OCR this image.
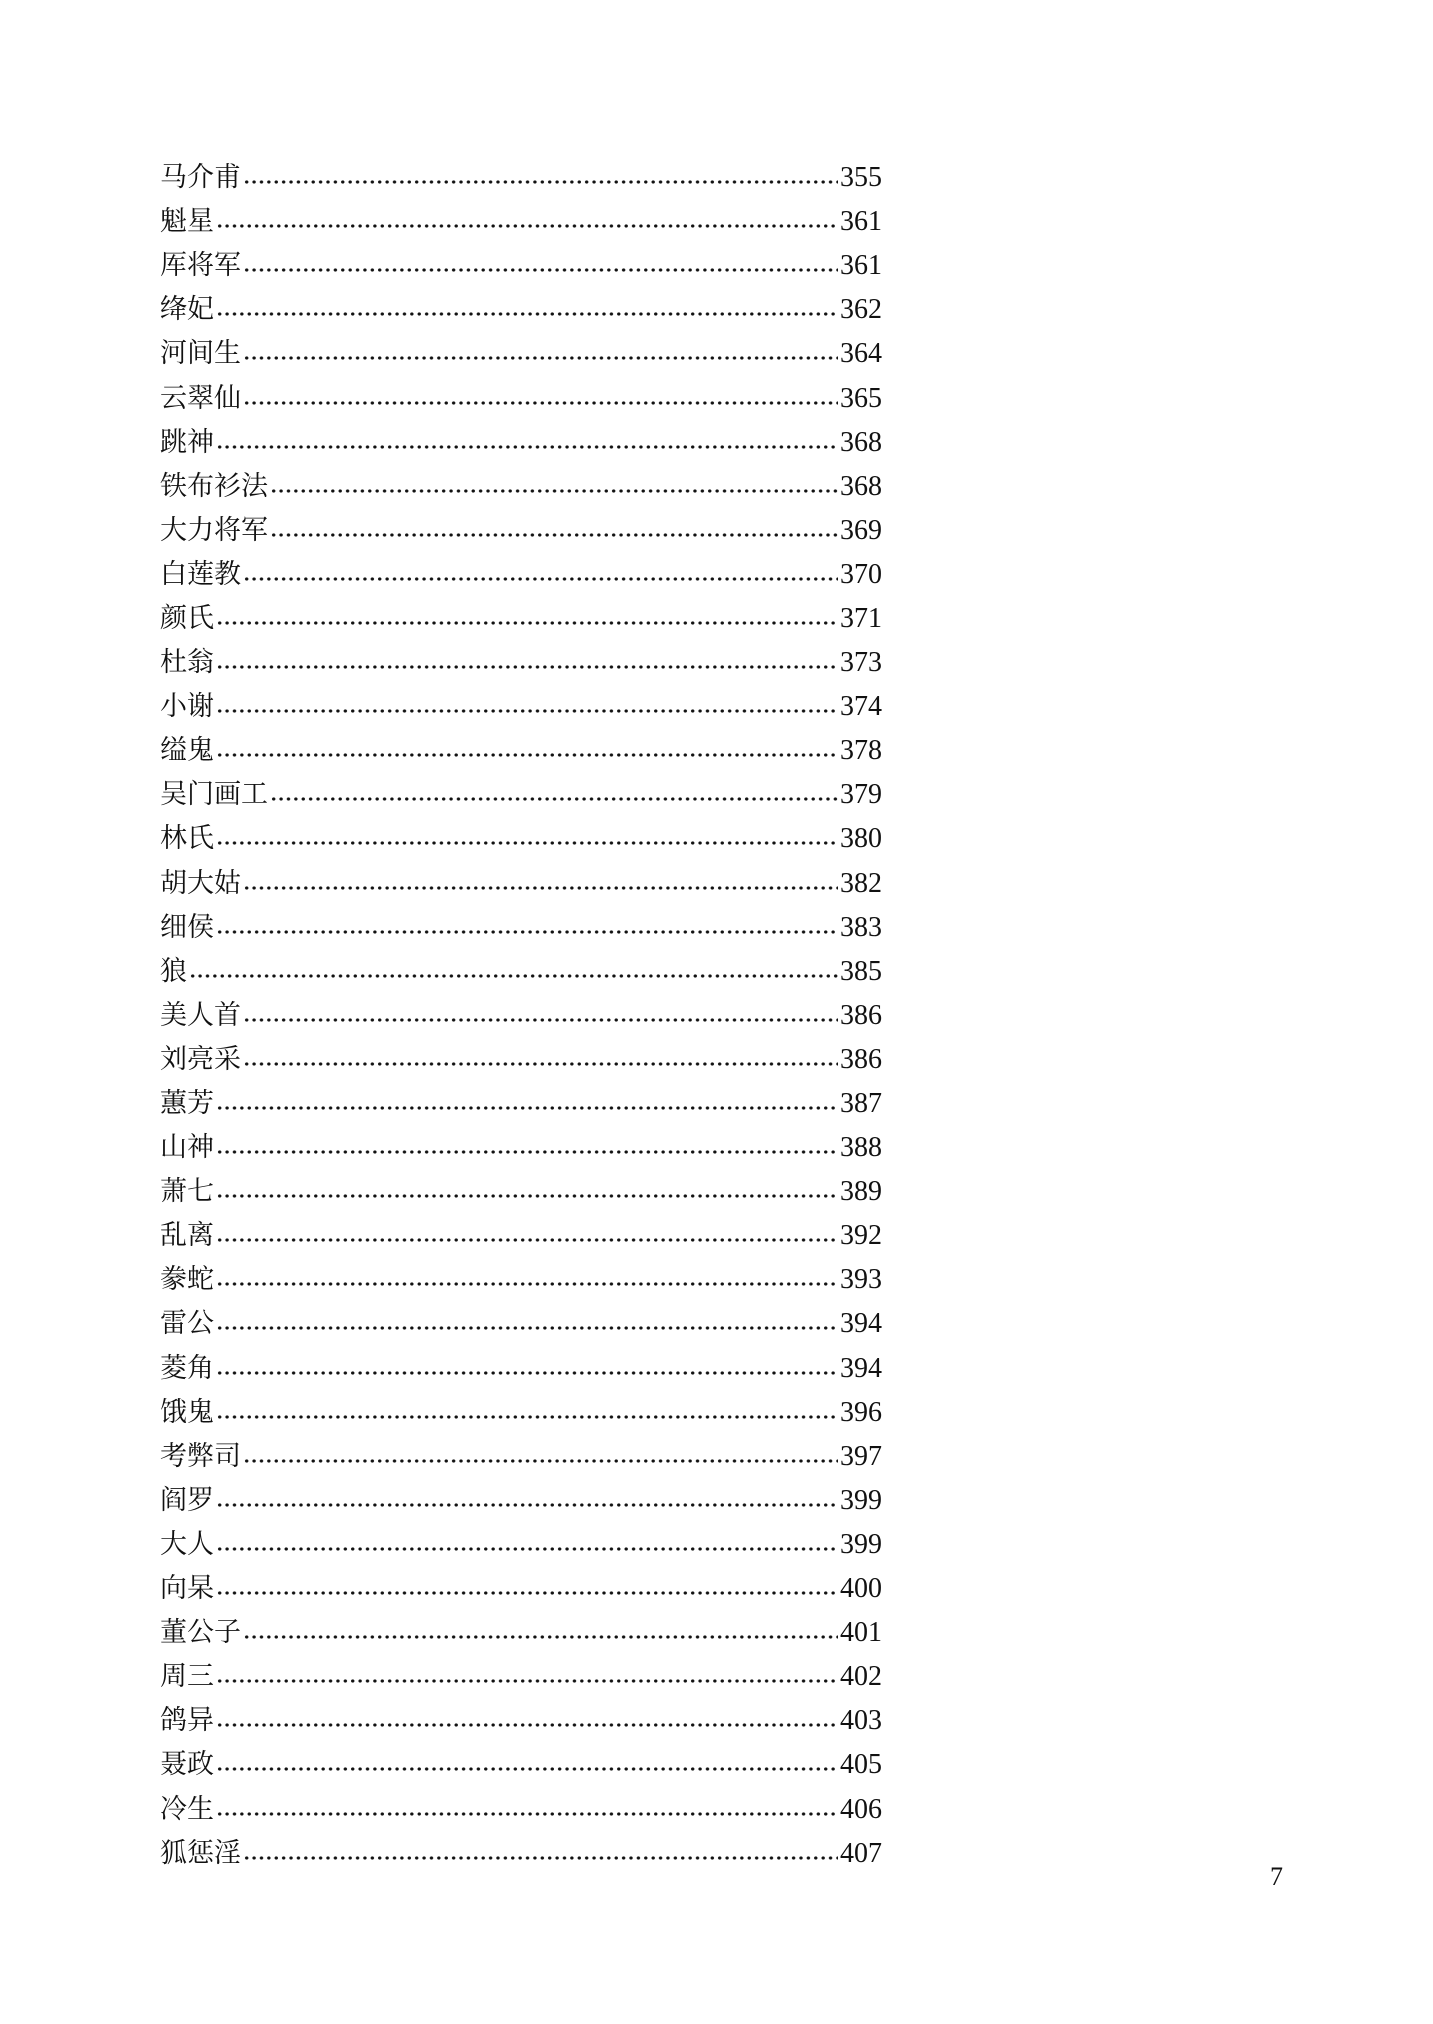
马介甫	355
魁星	361
厍将军	361
绛妃	362
河间生	364
云翠仙	365
跳神	368
铁布衫法	368
大力将军	369
白莲教	370
颜氏	371
杜翁	373
小谢	374
缢鬼	378
吴门画工	379
林氏	380
胡大姑	382
细侯	383
狼	385
美人首	386
刘亮采	386
蕙芳	387
山神	388
萧七	389
乱离	392
豢蛇	393
雷公	394
菱角	394
饿鬼	396
考弊司	397
阎罗	399
大人	399
向杲	400
董公子	401
周三	402
鸽异	403
聂政	405
冷生	406
狐惩淫	407
7
